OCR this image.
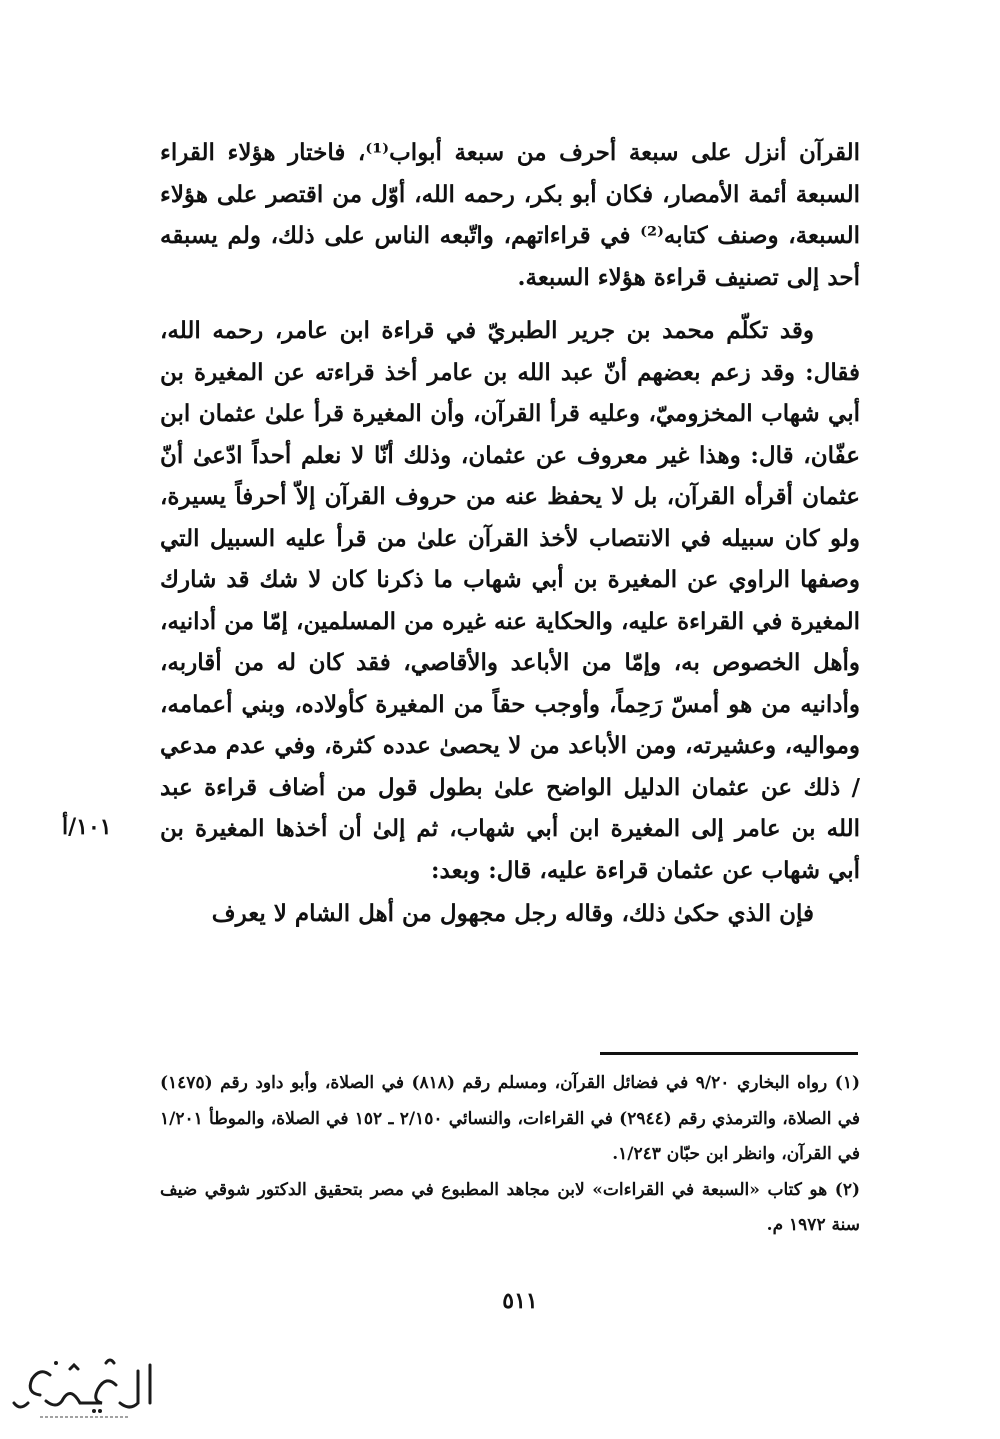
القرآن أنزل على سبعة أحرف من سبعة أبواب⁽¹⁾، فاختار هؤلاء القراء السبعة أئمة الأمصار، فكان أبو بكر، رحمه الله، أوّل من اقتصر على هؤلاء السبعة، وصنف كتابه⁽²⁾ في قراءاتهم، واتّبعه الناس على ذلك، ولم يسبقه أحد إلى تصنيف قراءة هؤلاء السبعة.

وقد تكلّم محمد بن جرير الطبريّ في قراءة ابن عامر، رحمه الله، فقال: وقد زعم بعضهم أنّ عبد الله بن عامر أخذ قراءته عن المغيرة بن أبي شهاب المخزوميّ، وعليه قرأ القرآن، وأن المغيرة قرأ علىٰ عثمان ابن عفّان، قال: وهذا غير معروف عن عثمان، وذلك أنّا لا نعلم أحداً ادّعىٰ أنّ عثمان أقرأه القرآن، بل لا يحفظ عنه من حروف القرآن إلاّ أحرفاً يسيرة، ولو كان سبيله في الانتصاب لأخذ القرآن علىٰ من قرأ عليه السبيل التي وصفها الراوي عن المغيرة بن أبي شهاب ما ذكرنا كان لا شك قد شارك المغيرة في القراءة عليه، والحكاية عنه غيره من المسلمين، إمّا من أدانيه، وأهل الخصوص به، وإمّا من الأباعد والأقاصي، فقد كان له من أقاربه، وأدانيه من هو أمسّ رَحِماً، وأوجب حقاً من المغيرة كأولاده، وبني أعمامه، ومواليه، وعشيرته، ومن الأباعد من لا يحصىٰ عدده كثرة، وفي عدم مدعي / ذلك عن عثمان الدليل الواضح علىٰ بطول قول من أضاف قراءة عبد الله بن عامر إلى المغيرة ابن أبي شهاب، ثم إلىٰ أن أخذها المغيرة بن أبي شهاب عن عثمان قراءة عليه، قال: وبعد:

فإن الذي حكىٰ ذلك، وقاله رجل مجهول من أهل الشام لا يعرف

١٠١/أ

(١) رواه البخاري ٩/٢٠ في فضائل القرآن، ومسلم رقم (٨١٨) في الصلاة، وأبو داود رقم (١٤٧٥) في الصلاة، والترمذي رقم (٢٩٤٤) في القراءات، والنسائي ٢/١٥٠ ـ ١٥٢ في الصلاة، والموطأ ١/٢٠١ في القرآن، وانظر ابن حبّان ١/٢٤٣.

(٢) هو كتاب «السبعة في القراءات» لابن مجاهد المطبوع في مصر بتحقيق الدكتور شوقي ضيف سنة ١٩٧٢ م.

٥١١
